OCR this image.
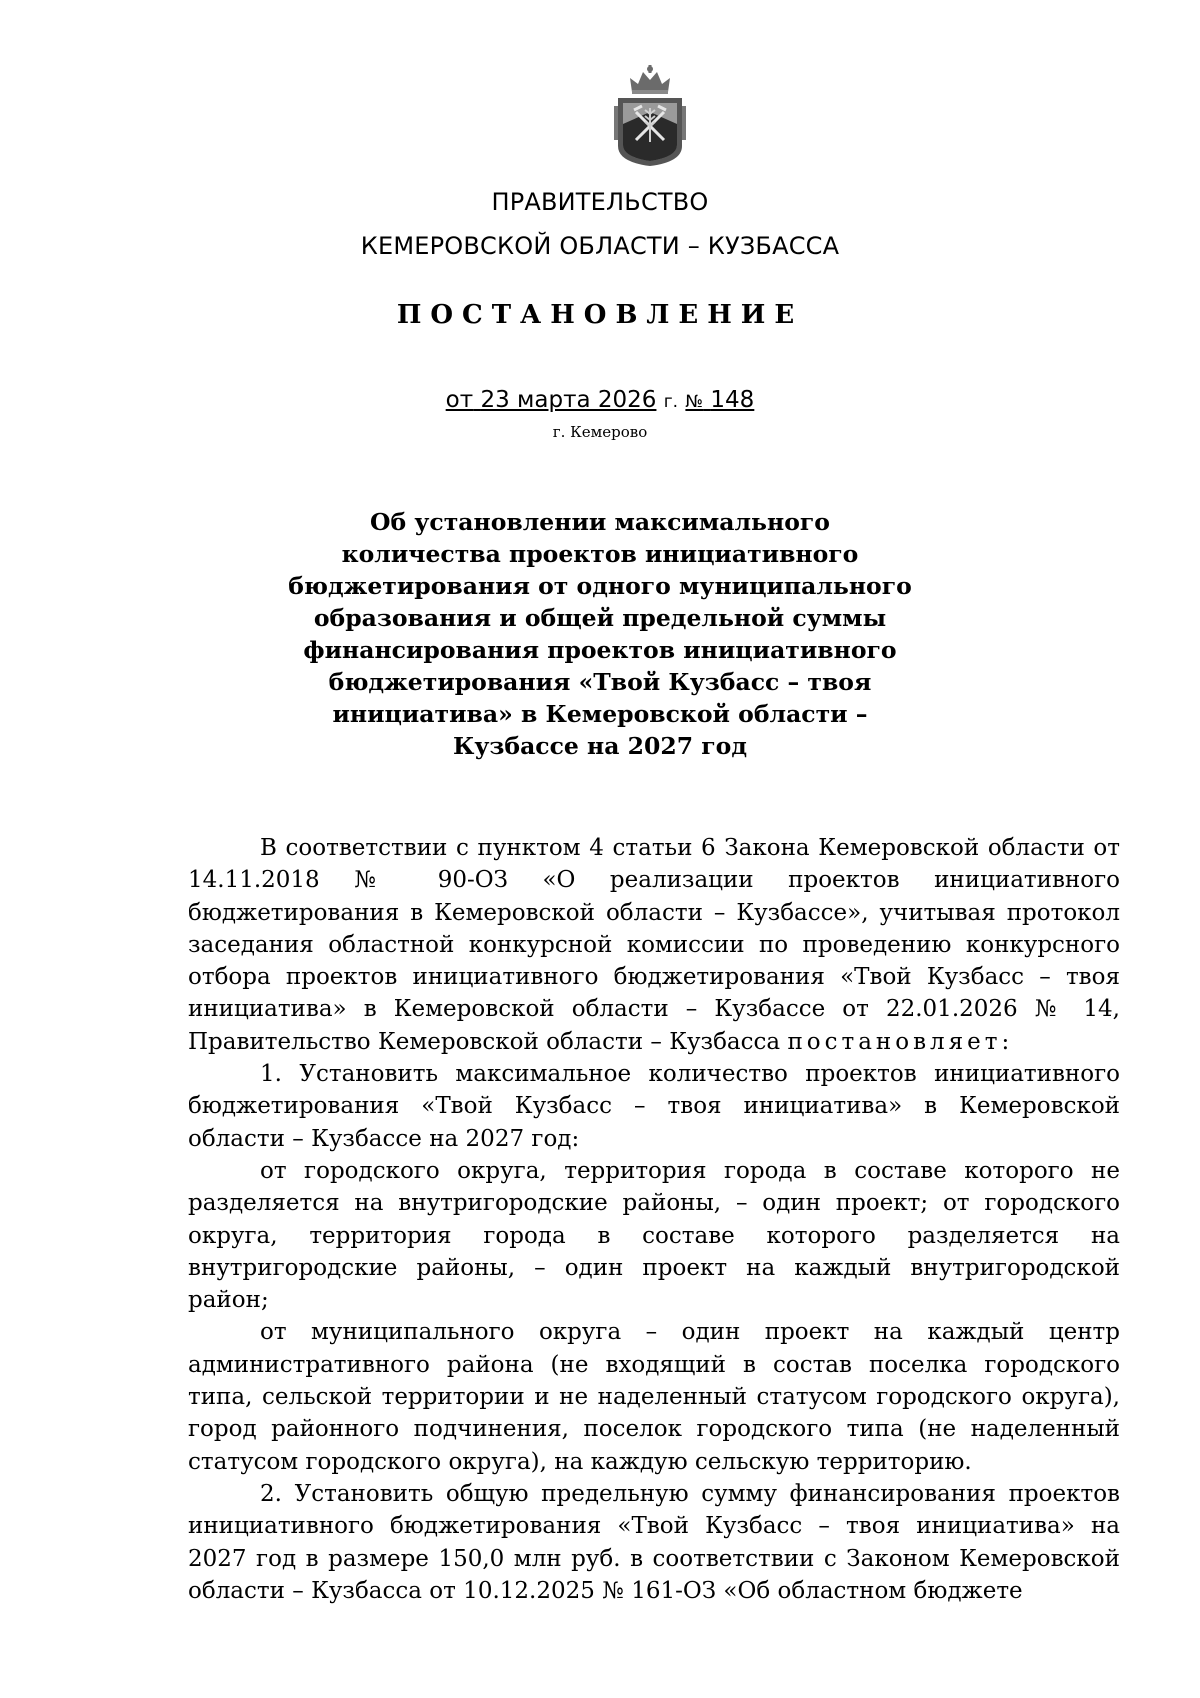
ПРАВИТЕЛЬСТВО
КЕМЕРОВСКОЙ ОБЛАСТИ – КУЗБАССА
ПОСТАНОВЛЕНИЕ
от 23 марта 2026 г. № 148
г. Кемерово
Об установлении максимального
количества проектов инициативного
бюджетирования от одного муниципального
образования и общей предельной суммы
финансирования проектов инициативного
бюджетирования «Твой Кузбасс – твоя
инициатива» в Кемеровской области –
Кузбассе на 2027 год

В соответствии с пунктом 4 статьи 6 Закона Кемеровской области от 14.11.2018 № 90-ОЗ «О реализации проектов инициативного бюджетирования в Кемеровской области – Кузбассе», учитывая протокол заседания областной конкурсной комиссии по проведению конкурсного отбора проектов инициативного бюджетирования «Твой Кузбасс – твоя инициатива» в Кемеровской области – Кузбассе от 22.01.2026 № 14, Правительство Кемеровской области – Кузбасса постановляет:

1. Установить максимальное количество проектов инициативного бюджетирования «Твой Кузбасс – твоя инициатива» в Кемеровской области – Кузбассе на 2027 год:

от городского округа, территория города в составе которого не разделяется на внутригородские районы, – один проект; от городского округа, территория города в составе которого разделяется на внутригородские районы, – один проект на каждый внутригородской район;

от муниципального округа – один проект на каждый центр административного района (не входящий в состав поселка городского типа, сельской территории и не наделенный статусом городского округа), город районного подчинения, поселок городского типа (не наделенный статусом городского округа), на каждую сельскую территорию.

2. Установить общую предельную сумму финансирования проектов инициативного бюджетирования «Твой Кузбасс – твоя инициатива» на 2027 год в размере 150,0 млн руб. в соответствии с Законом Кемеровской области – Кузбасса от 10.12.2025 № 161-ОЗ «Об областном бюджете
